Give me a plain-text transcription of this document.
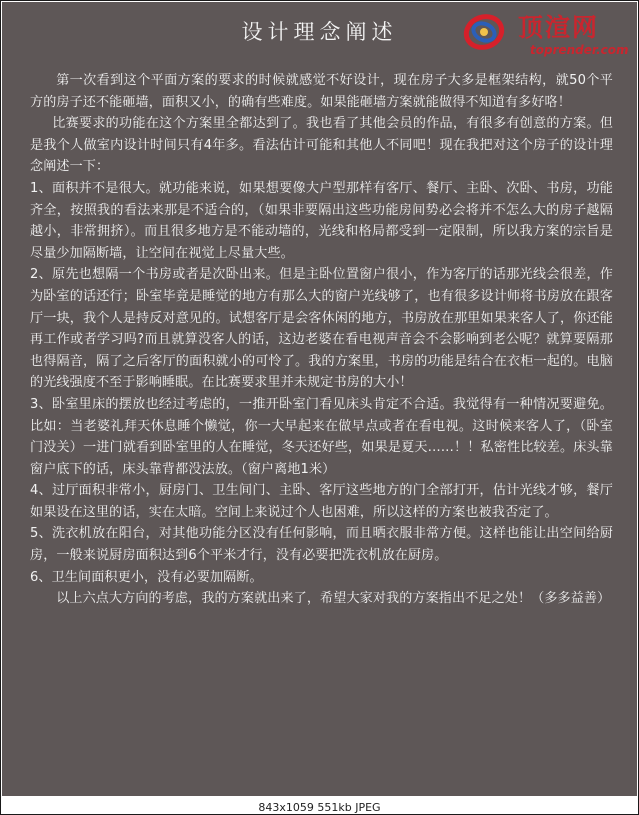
设计理念阐述	顶渲网
toprender.com

第一次看到这个平面方案的要求的时候就感觉不好设计，现在房子大多是框架结构，就50个平方的房子还不能砸墙，面积又小，的确有些难度。如果能砸墙方案就能做得不知道有多好咯！

比赛要求的功能在这个方案里全都达到了。我也看了其他会员的作品，有很多有创意的方案。但是我个人做室内设计时间只有4年多。看法估计可能和其他人不同吧！现在我把对这个房子的设计理念阐述一下：

1、面积并不是很大。就功能来说，如果想要像大户型那样有客厅、餐厅、主卧、次卧、书房，功能齐全，按照我的看法来那是不适合的，（如果非要隔出这些功能房间势必会将并不怎么大的房子越隔越小，非常拥挤）。而且很多地方是不能动墙的，光线和格局都受到一定限制，所以我方案的宗旨是尽量少加隔断墙，让空间在视觉上尽量大些。

2、原先也想隔一个书房或者是次卧出来。但是主卧位置窗户很小，作为客厅的话那光线会很差，作为卧室的话还行；卧室毕竟是睡觉的地方有那么大的窗户光线够了，也有很多设计师将书房放在跟客厅一块，我个人是持反对意见的。试想客厅是会客休闲的地方，书房放在那里如果来客人了，你还能再工作或者学习吗?而且就算没客人的话，这边老婆在看电视声音会不会影响到老公呢？就算要隔那也得隔音，隔了之后客厅的面积就小的可怜了。我的方案里，书房的功能是结合在衣柜一起的。电脑的光线强度不至于影响睡眠。在比赛要求里并未规定书房的大小！

3、卧室里床的摆放也经过考虑的，一推开卧室门看见床头肯定不合适。我觉得有一种情况要避免。比如：当老婆礼拜天休息睡个懒觉，你一大早起来在做早点或者在看电视。这时候来客人了，（卧室门没关）一进门就看到卧室里的人在睡觉，冬天还好些，如果是夏天……！！私密性比较差。床头靠窗户底下的话，床头靠背都没法放。（窗户离地1米）

4、过厅面积非常小，厨房门、卫生间门、主卧、客厅这些地方的门全部打开，估计光线才够，餐厅如果设在这里的话，实在太暗。空间上来说过个人也困难，所以这样的方案也被我否定了。

5、洗衣机放在阳台，对其他功能分区没有任何影响，而且晒衣服非常方便。这样也能让出空间给厨房，一般来说厨房面积达到6个平米才行，没有必要把洗衣机放在厨房。

6、卫生间面积更小，没有必要加隔断。

以上六点大方向的考虑，我的方案就出来了，希望大家对我的方案指出不足之处！（多多益善）

843x1059 551kb JPEG
